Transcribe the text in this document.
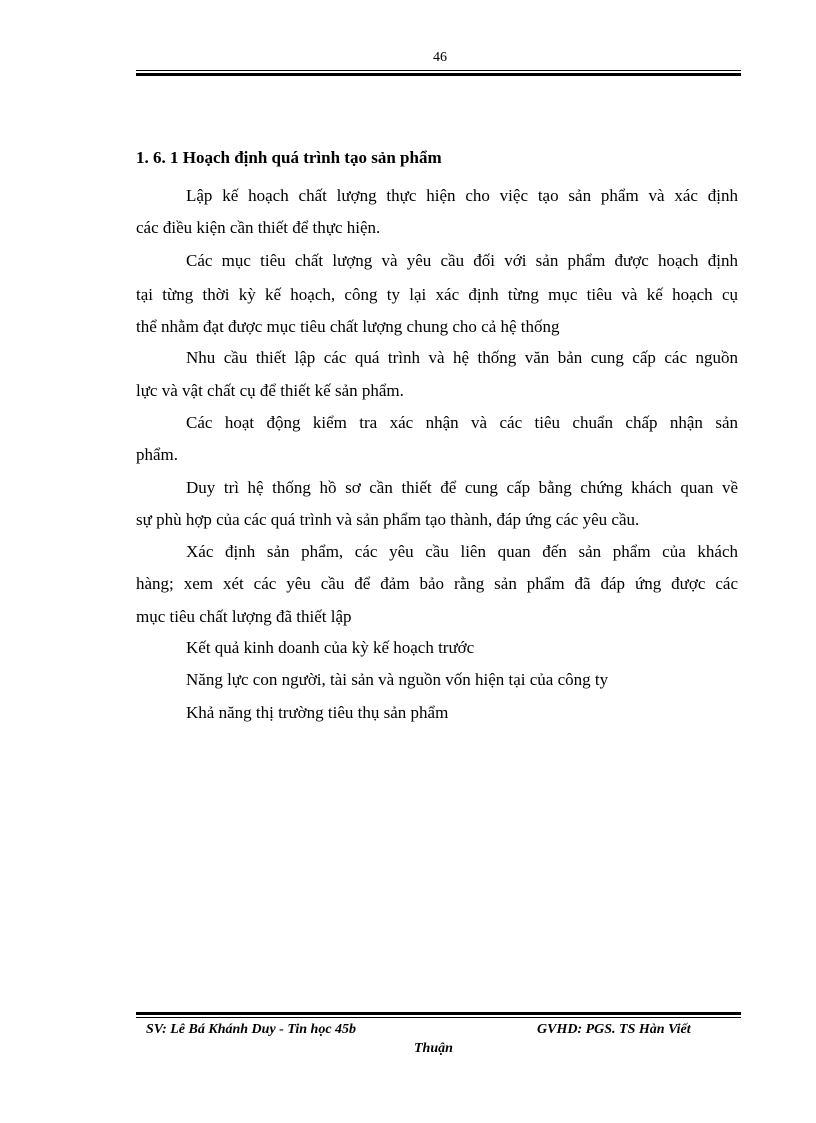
46
1. 6. 1 Hoạch định quá trình tạo sản phẩm
Lập kế hoạch chất lượng thực hiện cho việc tạo sản phẩm và xác định
các điều kiện cần thiết để thực hiện.
Các mục tiêu chất lượng và yêu cầu đối với sản phẩm được hoạch định
tại từng thời kỳ kế hoạch, công ty lại xác định từng mục tiêu và kế hoạch cụ
thể nhằm đạt được mục tiêu chất lượng chung cho cả hệ thống
Nhu cầu thiết lập các quá trình và hệ thống văn bản cung cấp các nguồn
lực và vật chất cụ để thiết kế sản phẩm.
Các hoạt động kiểm tra xác nhận và các tiêu chuẩn chấp nhận sản
phẩm.
Duy trì hệ thống hồ sơ cần thiết để cung cấp bằng chứng khách quan về
sự phù hợp của các quá trình và sản phẩm tạo thành, đáp ứng các yêu cầu.
Xác định sản phẩm, các yêu cầu liên quan đến sản phẩm của khách
hàng; xem xét các yêu cầu để đảm bảo rằng sản phẩm đã đáp ứng được các
mục tiêu chất lượng đã thiết lập
Kết quả kinh doanh của kỳ kế hoạch trước
Năng lực con người, tài sản và nguồn vốn hiện tại của công ty
Khả năng thị trường tiêu thụ sản phẩm
SV: Lê Bá Khánh Duy - Tin học 45b	GVHD: PGS. TS Hàn Viết
Thuận
